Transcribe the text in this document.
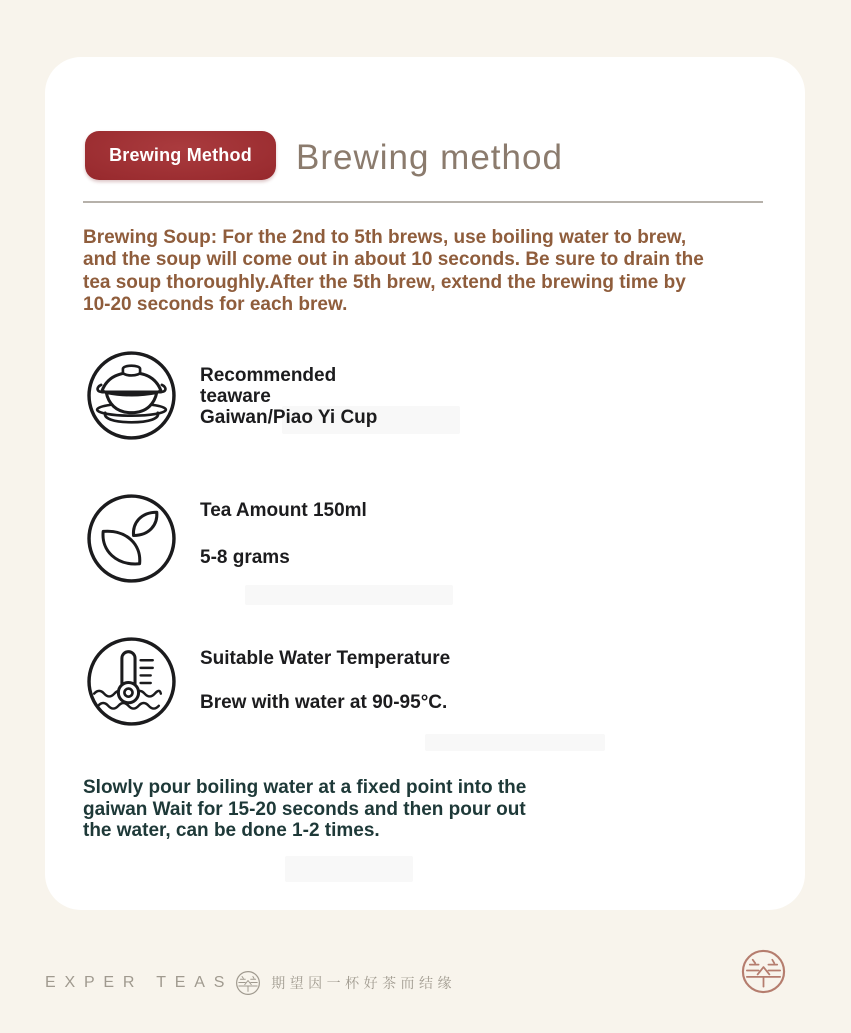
Brewing Method	Brewing method
Brewing Soup: For the 2nd to 5th brews, use boiling water to brew,
and the soup will come out in about 10 seconds. Be sure to drain the
tea soup thoroughly.After the 5th brew, extend the brewing time by
10-20 seconds for each brew.
Recommended
teaware
Gaiwan/Piao Yi Cup
Tea Amount 150ml
5-8 grams
Suitable Water Temperature
Brew with water at 90-95°C.
Slowly pour boiling water at a fixed point into the
gaiwan Wait for 15-20 seconds and then pour out
the water, can be done 1-2 times.
EXPER TEAS	期望因一杯好茶而结缘
